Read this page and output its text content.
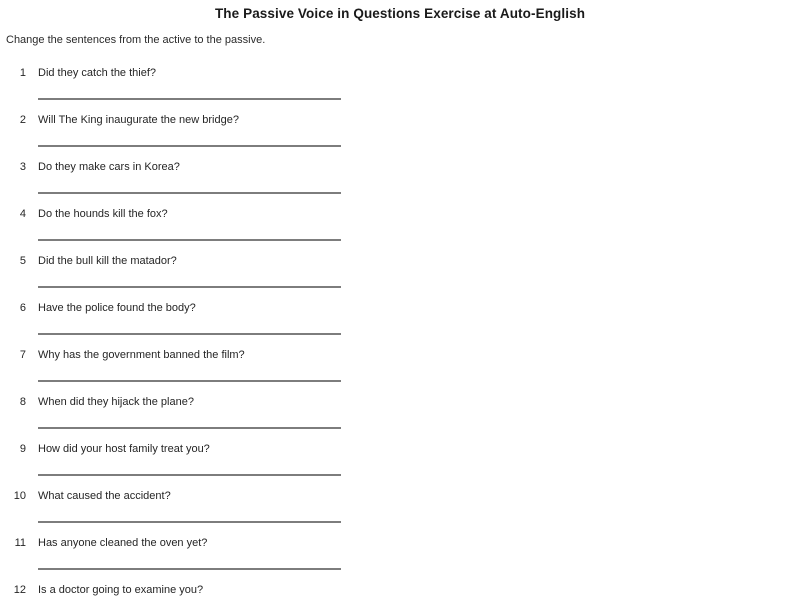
The Passive Voice in Questions Exercise at Auto-English
Change the sentences from the active to the passive.
1 Did they catch the thief?
2 Will The King inaugurate the new bridge?
3 Do they make cars in Korea?
4 Do the hounds kill the fox?
5 Did the bull kill the matador?
6 Have the police found the body?
7 Why has the government banned the film?
8 When did they hijack the plane?
9 How did your host family treat you?
10 What caused the accident?
11 Has anyone cleaned the oven yet?
12 Is a doctor going to examine you?
